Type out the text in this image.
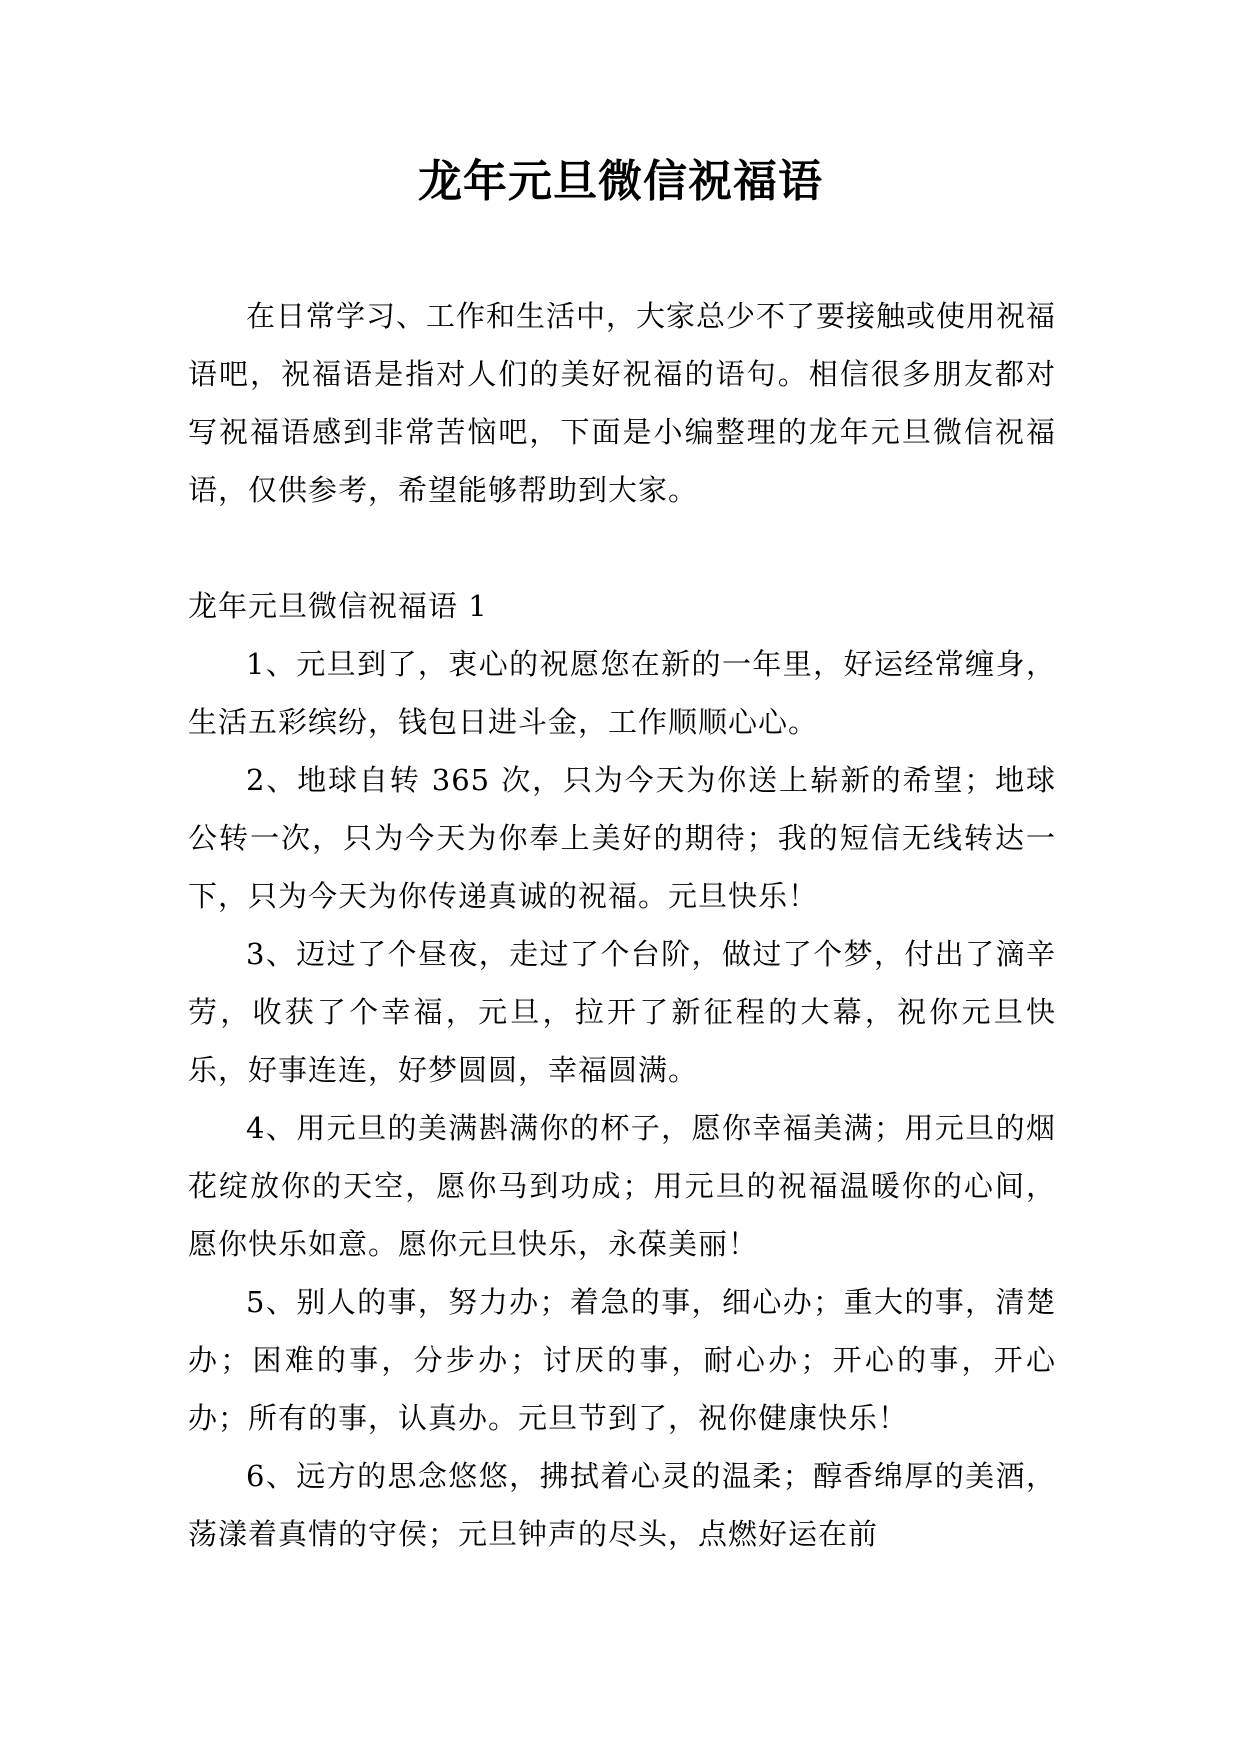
龙年元旦微信祝福语

在日常学习、工作和生活中，大家总少不了要接触或使用祝福语吧，祝福语是指对人们的美好祝福的语句。相信很多朋友都对写祝福语感到非常苦恼吧，下面是小编整理的龙年元旦微信祝福语，仅供参考，希望能够帮助到大家。

龙年元旦微信祝福语 1

1、元旦到了，衷心的祝愿您在新的一年里，好运经常缠身，生活五彩缤纷，钱包日进斗金，工作顺顺心心。

2、地球自转 365 次，只为今天为你送上崭新的希望；地球公转一次，只为今天为你奉上美好的期待；我的短信无线转达一下，只为今天为你传递真诚的祝福。元旦快乐！

3、迈过了个昼夜，走过了个台阶，做过了个梦，付出了滴辛劳，收获了个幸福，元旦，拉开了新征程的大幕，祝你元旦快乐，好事连连，好梦圆圆，幸福圆满。

4、用元旦的美满斟满你的杯子，愿你幸福美满；用元旦的烟花绽放你的天空，愿你马到功成；用元旦的祝福温暖你的心间，愿你快乐如意。愿你元旦快乐，永葆美丽！

5、别人的事，努力办；着急的事，细心办；重大的事，清楚办；困难的事，分步办；讨厌的事，耐心办；开心的事，开心办；所有的事，认真办。元旦节到了，祝你健康快乐！

6、远方的思念悠悠，拂拭着心灵的温柔；醇香绵厚的美酒，荡漾着真情的守侯；元旦钟声的尽头，点燃好运在前
